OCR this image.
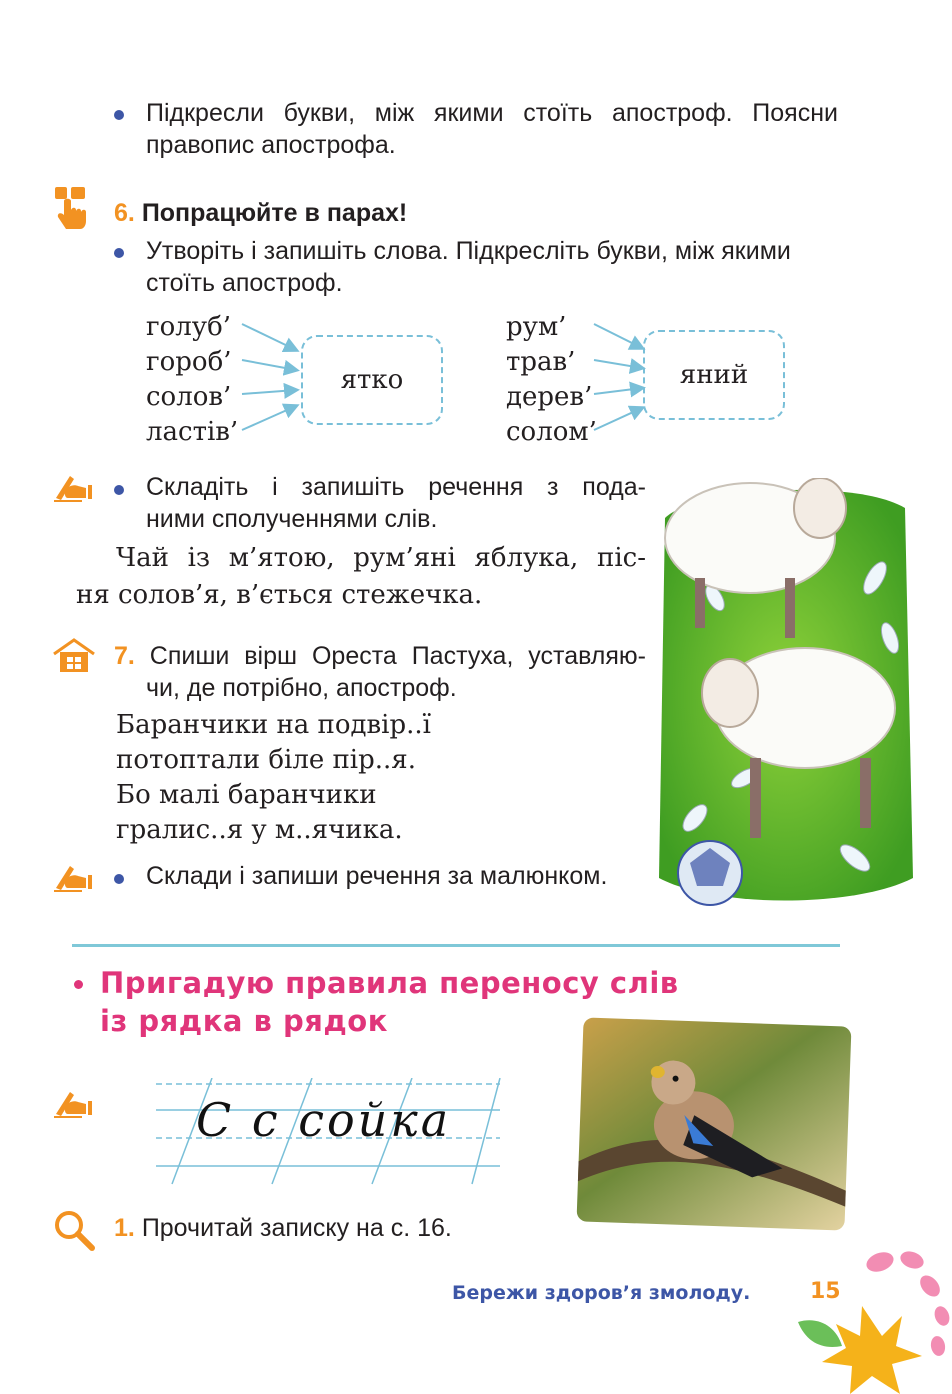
Підкресли букви, між якими стоїть апостроф. Поясни
правопис апострофа.
6. Попрацюйте в парах!
Утворіть і запишіть слова. Підкресліть букви, між якими
стоїть апостроф.
голуб’
гороб’
солов’
ластів’
ятко
рум’
трав’
дерев’
солом’
яний
Складіть і запишіть речення з пода-
ними сполученнями слів.
Чай із м’ятою, рум’яні яблука, піс-
ня солов’я, в’ється стежечка.
7. Спиши вірш Ореста Пастуха, уставляю-
чи, де потрібно, апостроф.
Баранчики на подвір..ї
потоптали біле пір..я.
Бо малі баранчики
гралис..я у м..ячика.
Склади і запиши речення за малюнком.
Пригадую правила переносу слів
із рядка в рядок
С с сойка
1. Прочитай записку на с. 16.
Бережи здоров’я змолоду.	15
